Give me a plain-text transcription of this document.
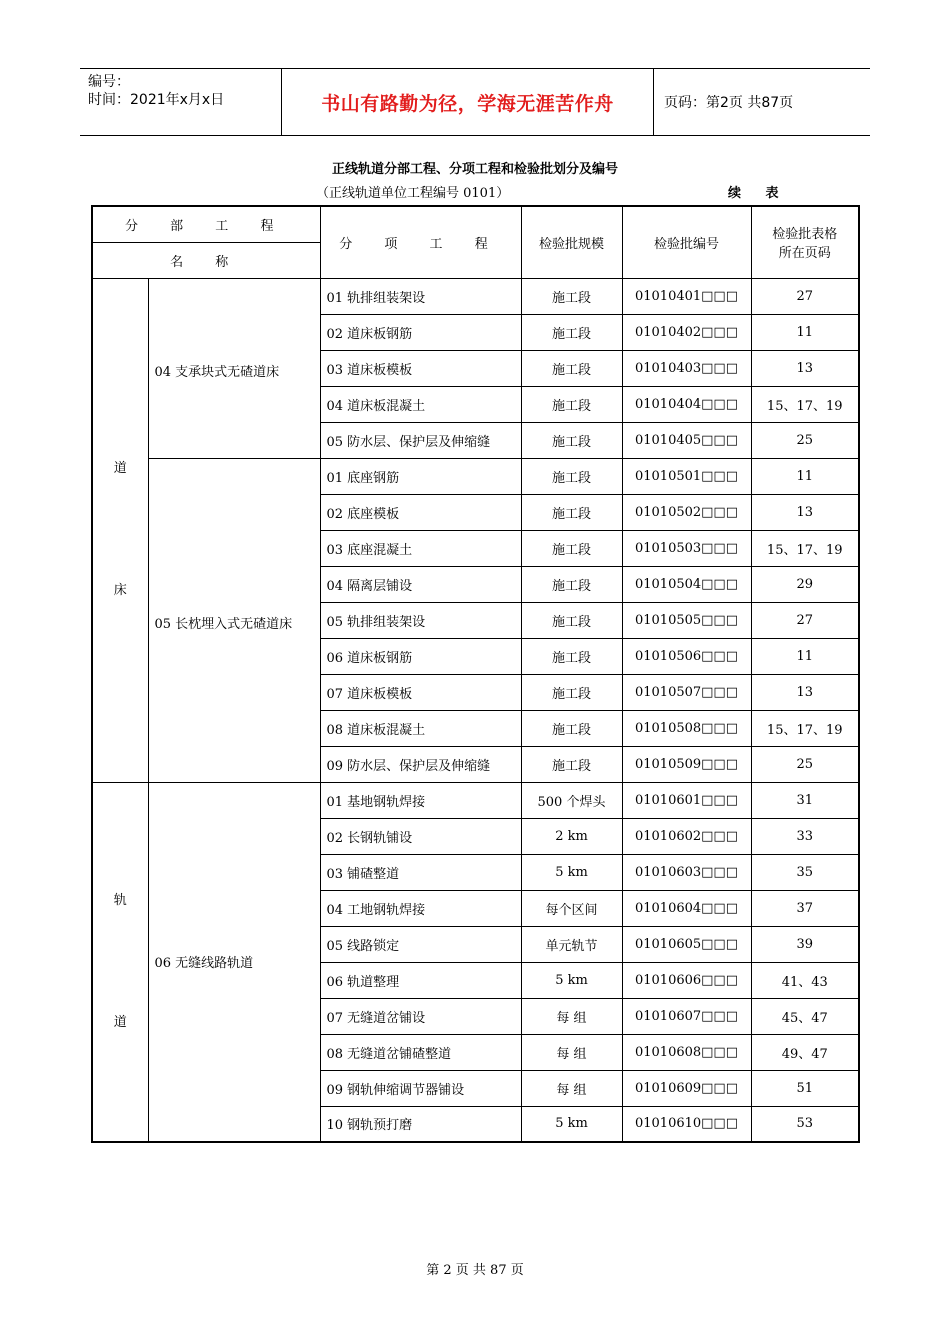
编号：
时间：2021年x月x日	书山有路勤为径，学海无涯苦作舟	页码：第2页 共87页
正线轨道分部工程、分项工程和检验批划分及编号
（正线轨道单位工程编号 0101）	续 表
分 部 工 程		分 项 工 程	检验批规模	检验批编号	检验批表格
所在页码

名 称					

道
床	04 支承块式无碴道床	01 轨排组装架设	施工段	01010401□□□	27
		02 道床板钢筋	施工段	01010402□□□	11
		03 道床板模板	施工段	01010403□□□	13
		04 道床板混凝土	施工段	01010404□□□	15、17、19
		05 防水层、保护层及伸缩缝	施工段	01010405□□□	25
	05 长枕埋入式无碴道床	01 底座钢筋	施工段	01010501□□□	11
		02 底座模板	施工段	01010502□□□	13
		03 底座混凝土	施工段	01010503□□□	15、17、19
		04 隔离层铺设	施工段	01010504□□□	29
		05 轨排组装架设	施工段	01010505□□□	27
		06 道床板钢筋	施工段	01010506□□□	11
		07 道床板模板	施工段	01010507□□□	13
		08 道床板混凝土	施工段	01010508□□□	15、17、19
		09 防水层、保护层及伸缩缝	施工段	01010509□□□	25

轨
道	06 无缝线路轨道	01 基地钢轨焊接	500 个焊头	01010601□□□	31
		02 长钢轨铺设	2 km	01010602□□□	33
		03 铺碴整道	5 km	01010603□□□	35
		04 工地钢轨焊接	每个区间	01010604□□□	37
		05 线路锁定	单元轨节	01010605□□□	39
		06 轨道整理	5 km	01010606□□□	41、43
		07 无缝道岔铺设	每 组	01010607□□□	45、47
		08 无缝道岔铺碴整道	每 组	01010608□□□	49、47
		09 钢轨伸缩调节器铺设	每 组	01010609□□□	51
		10 钢轨预打磨	5 km	01010610□□□	53
第 2 页 共 87 页
